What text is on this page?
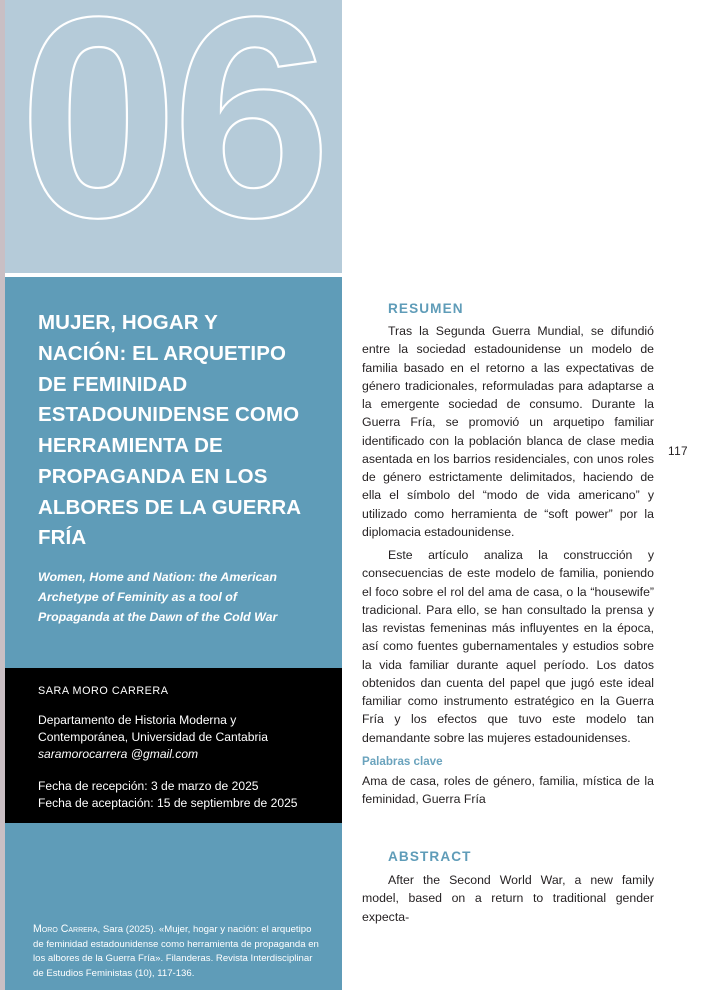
06
MUJER, HOGAR Y NACIÓN: EL ARQUETIPO DE FEMINIDAD ESTADOUNIDENSE COMO HERRAMIENTA DE PROPAGANDA EN LOS ALBORES DE LA GUERRA FRÍA

Women, Home and Nation: the American Archetype of Feminity as a tool of Propaganda at the Dawn of the Cold War

SARA MORO CARRERA

Departamento de Historia Moderna y Contemporánea, Universidad de Cantabria
saramorocarrera @gmail.com

Fecha de recepción: 3 de marzo de 2025
Fecha de aceptación: 15 de septiembre de 2025

Moro Carrera, Sara (2025). «Mujer, hogar y nación: el arquetipo de feminidad estadounidense como herramienta de propaganda en los albores de la Guerra Fría». Filanderas. Revista Interdisciplinar de Estudios Feministas (10), 117-136.

RESUMEN

Tras la Segunda Guerra Mundial, se difundió entre la sociedad estadounidense un modelo de familia basado en el retorno a las expectativas de género tradicionales, reformuladas para adaptarse a la emergente sociedad de consumo. Durante la Guerra Fría, se promovió un arquetipo familiar identificado con la población blanca de clase media asentada en los barrios residenciales, con unos roles de género estrictamente delimitados, haciendo de ella el símbolo del “modo de vida americano” y utilizado como herramienta de “soft power” por la diplomacia estadounidense.

Este artículo analiza la construcción y consecuencias de este modelo de familia, poniendo el foco sobre el rol del ama de casa, o la “housewife” tradicional. Para ello, se han consultado la prensa y las revistas femeninas más influyentes en la época, así como fuentes gubernamentales y estudios sobre la vida familiar durante aquel período. Los datos obtenidos dan cuenta del papel que jugó este ideal familiar como instrumento estratégico en la Guerra Fría y los efectos que tuvo este modelo tan demandante sobre las mujeres estadounidenses.

Palabras clave

Ama de casa, roles de género, familia, mística de la feminidad, Guerra Fría

ABSTRACT

After the Second World War, a new family model, based on a return to traditional gender expecta-

117
